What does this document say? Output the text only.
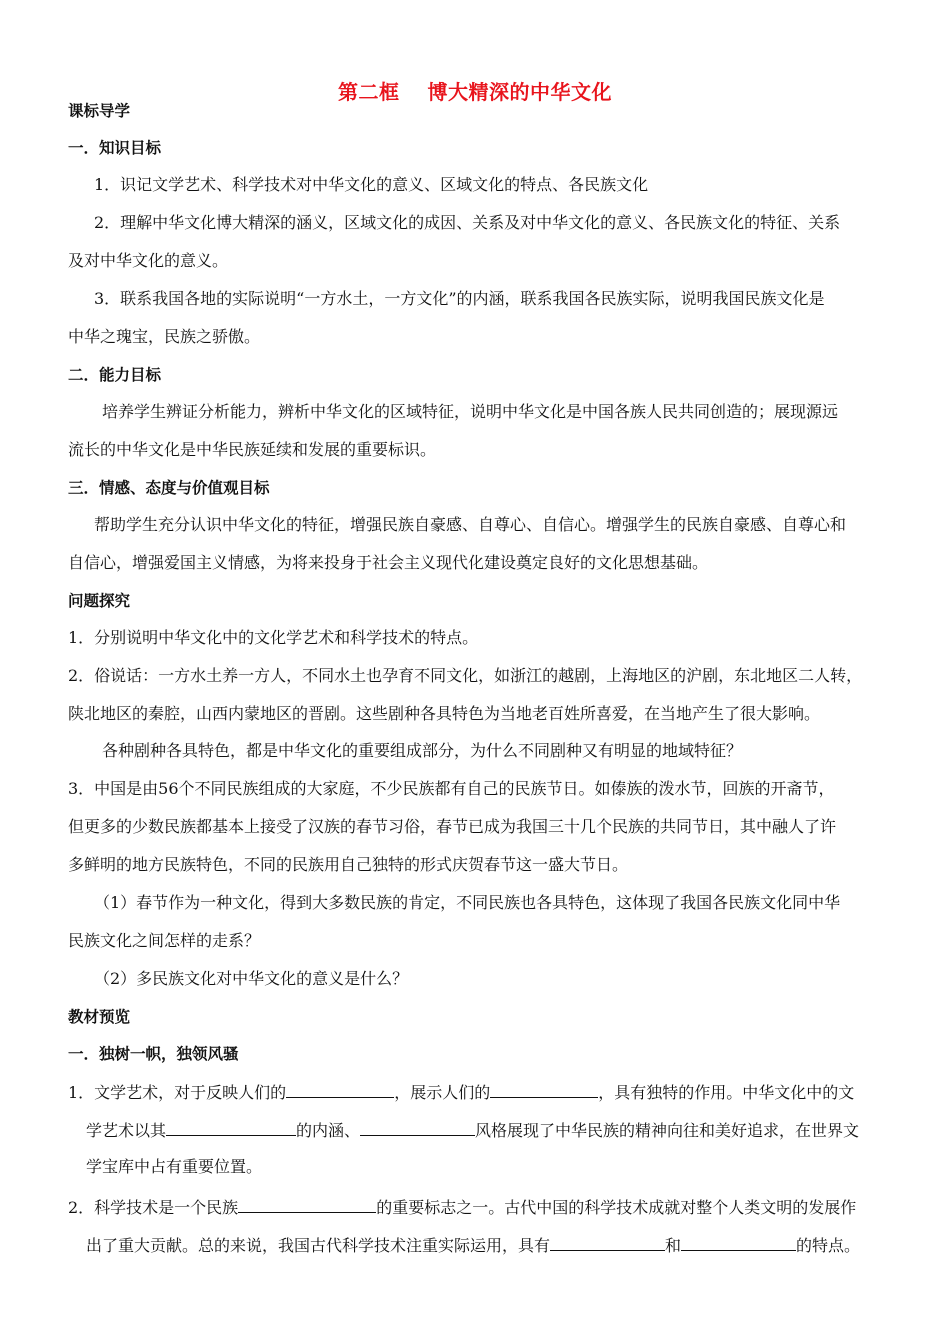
第二框 博大精深的中华文化
课标导学
一．知识目标
1．识记文学艺术、科学技术对中华文化的意义、区域文化的特点、各民族文化
2．理解中华文化博大精深的涵义，区域文化的成因、关系及对中华文化的意义、各民族文化的特征、关系
及对中华文化的意义。
3．联系我国各地的实际说明“一方水土，一方文化”的内涵，联系我国各民族实际，说明我国民族文化是
中华之瑰宝，民族之骄傲。
二．能力目标
培养学生辨证分析能力，辨析中华文化的区域特征，说明中华文化是中国各族人民共同创造的；展现源远
流长的中华文化是中华民族延续和发展的重要标识。
三．情感、态度与价值观目标
帮助学生充分认识中华文化的特征，增强民族自豪感、自尊心、自信心。增强学生的民族自豪感、自尊心和
自信心，增强爱国主义情感，为将来投身于社会主义现代化建设奠定良好的文化思想基础。
问题探究
1．分别说明中华文化中的文化学艺术和科学技术的特点。
2．俗说话：一方水土养一方人，不同水土也孕育不同文化，如浙江的越剧，上海地区的沪剧，东北地区二人转，
陕北地区的秦腔，山西内蒙地区的晋剧。这些剧种各具特色为当地老百姓所喜爱，在当地产生了很大影响。
各种剧种各具特色，都是中华文化的重要组成部分，为什么不同剧种又有明显的地域特征？
3．中国是由56个不同民族组成的大家庭，不少民族都有自己的民族节日。如傣族的泼水节，回族的开斋节，
但更多的少数民族都基本上接受了汉族的春节习俗，春节已成为我国三十几个民族的共同节日，其中融人了许
多鲜明的地方民族特色，不同的民族用自己独特的形式庆贺春节这一盛大节日。
（1）春节作为一种文化，得到大多数民族的肯定，不同民族也各具特色，这体现了我国各民族文化同中华
民族文化之间怎样的走系？
（2）多民族文化对中华文化的意义是什么？
教材预览
一．独树一帜，独领风骚
1．文学艺术，对于反映人们的	，展示人们的	，具有独特的作用。中华文化中的文
学艺术以其	的内涵、	风格展现了中华民族的精神向往和美好追求，在世界文
学宝库中占有重要位置。
2．科学技术是一个民族	的重要标志之一。古代中国的科学技术成就对整个人类文明的发展作
出了重大贡献。总的来说，我国古代科学技术注重实际运用，具有	和	的特点。
